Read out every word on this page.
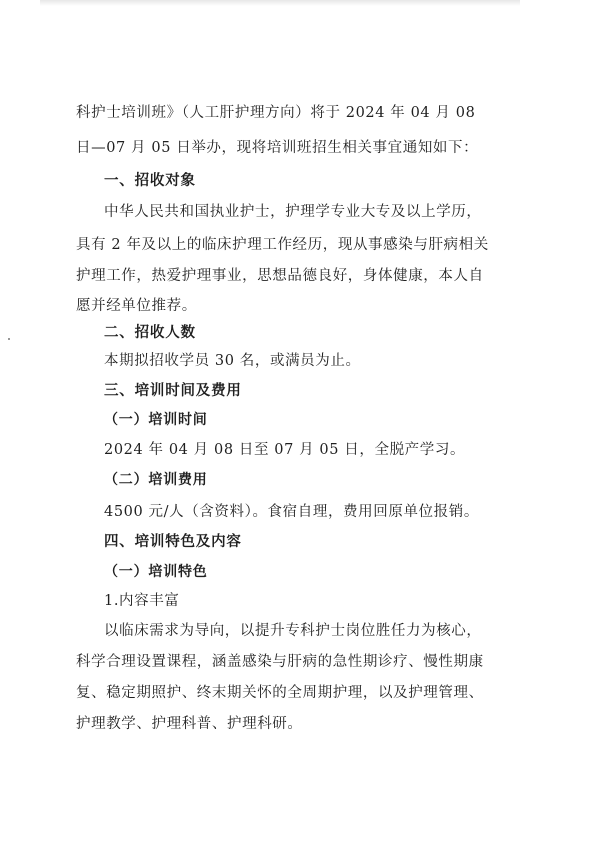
科护士培训班》（人工肝护理方向）将于 2024 年 04 月 08
日—07 月 05 日举办，现将培训班招生相关事宜通知如下：
一、招收对象
中华人民共和国执业护士，护理学专业大专及以上学历，
具有 2 年及以上的临床护理工作经历，现从事感染与肝病相关
护理工作，热爱护理事业，思想品德良好，身体健康，本人自
愿并经单位推荐。
二、招收人数
本期拟招收学员 30 名，或满员为止。
三、培训时间及费用
（一）培训时间
2024 年 04 月 08 日至 07 月 05 日，全脱产学习。
（二）培训费用
4500 元/人（含资料）。食宿自理，费用回原单位报销。
四、培训特色及内容
（一）培训特色
1.内容丰富
以临床需求为导向，以提升专科护士岗位胜任力为核心，
科学合理设置课程，涵盖感染与肝病的急性期诊疗、慢性期康
复、稳定期照护、终末期关怀的全周期护理，以及护理管理、
护理教学、护理科普、护理科研。
